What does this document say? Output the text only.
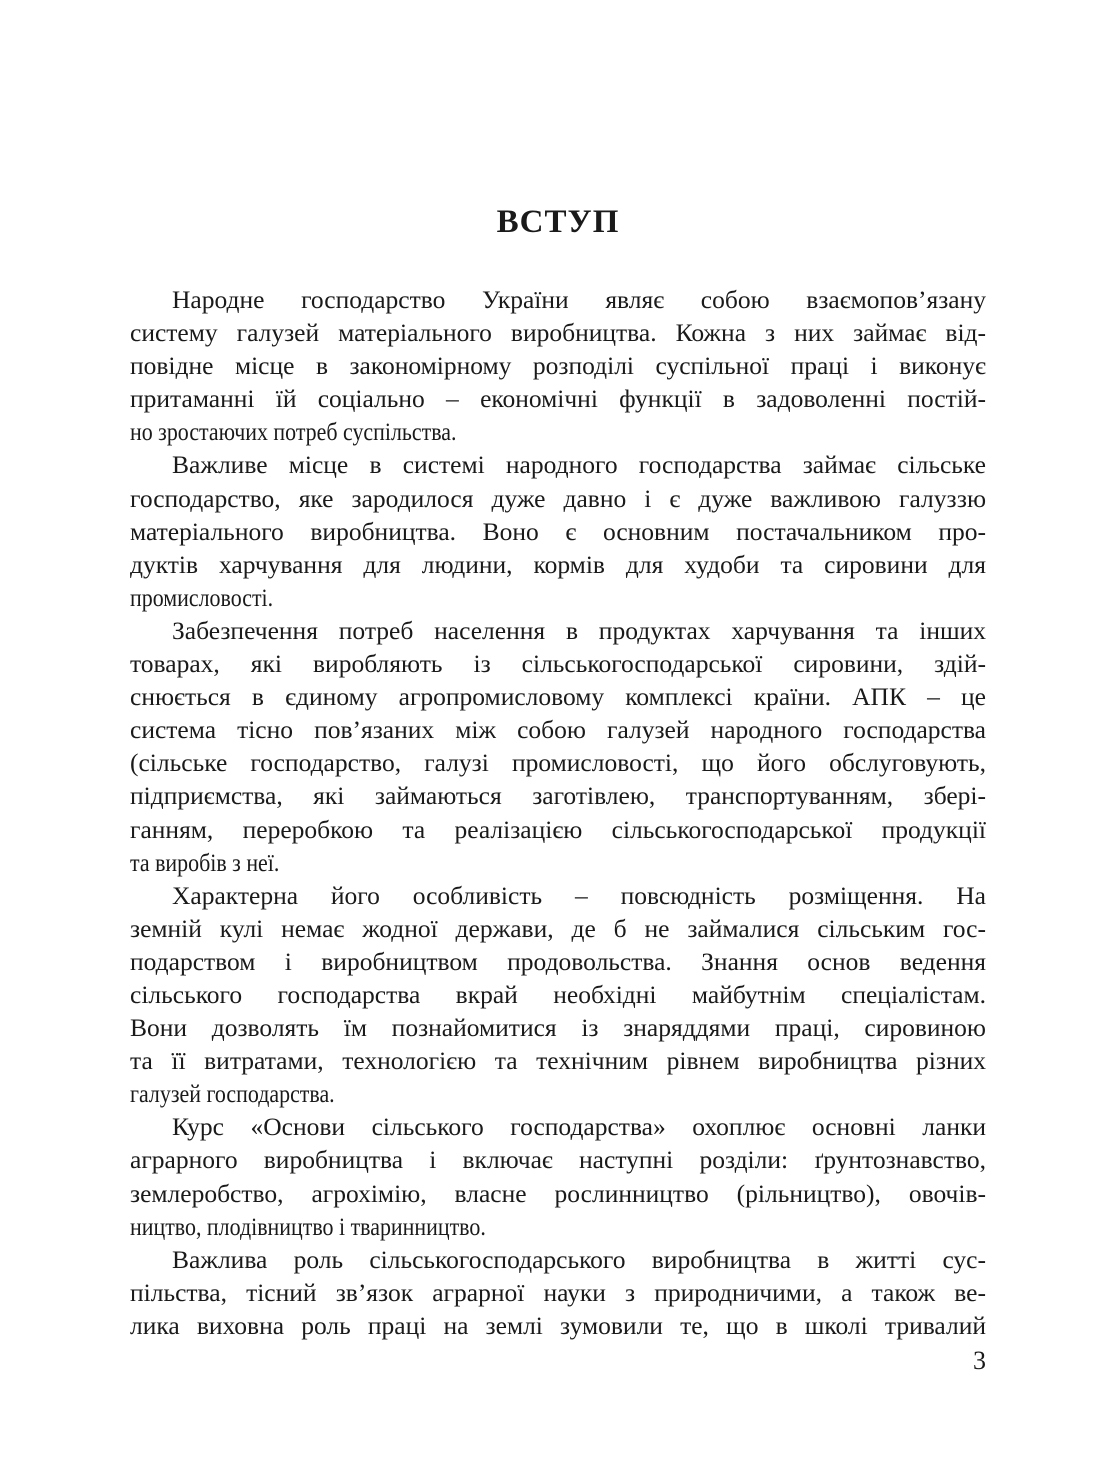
ВСТУП
Народне господарство України являє собою взаємопов’язану
систему галузей матеріального виробництва. Кожна з них займає від-
повідне місце в закономірному розподілі суспільної праці і виконує
притаманні їй соціально – економічні функції в задоволенні постій-
но зростаючих потреб суспільства.
Важливе місце в системі народного господарства займає сільське
господарство, яке зародилося дуже давно і є дуже важливою галуззю
матеріального виробництва. Воно є основним постачальником про-
дуктів харчування для людини, кормів для худоби та сировини для
промисловості.
Забезпечення потреб населення в продуктах харчування та інших
товарах, які виробляють із сільськогосподарської сировини, здій-
снюється в єдиному агропромисловому комплексі країни. АПК – це
система тісно пов’язаних між собою галузей народного господарства
(сільське господарство, галузі промисловості, що його обслуговують,
підприємства, які займаються заготівлею, транспортуванням, збері-
ганням, переробкою та реалізацією сільськогосподарської продукції
та виробів з неї.
Характерна його особливість – повсюдність розміщення. На
земній кулі немає жодної держави, де б не займалися сільським гос-
подарством і виробництвом продовольства. Знання основ ведення
сільського господарства вкрай необхідні майбутнім спеціалістам.
Вони дозволять їм познайомитися із знаряддями праці, сировиною
та її витратами, технологією та технічним рівнем виробництва різних
галузей господарства.
Курс «Основи сільського господарства» охоплює основні ланки
аграрного виробництва і включає наступні розділи: ґрунтознавство,
землеробство, агрохімію, власне рослинництво (рільництво), овочів-
ництво, плодівництво і тваринництво.
Важлива роль сільськогосподарського виробництва в житті сус-
пільства, тісний зв’язок аграрної науки з природничими, а також ве-
лика виховна роль праці на землі зумовили те, що в школі тривалий
3
